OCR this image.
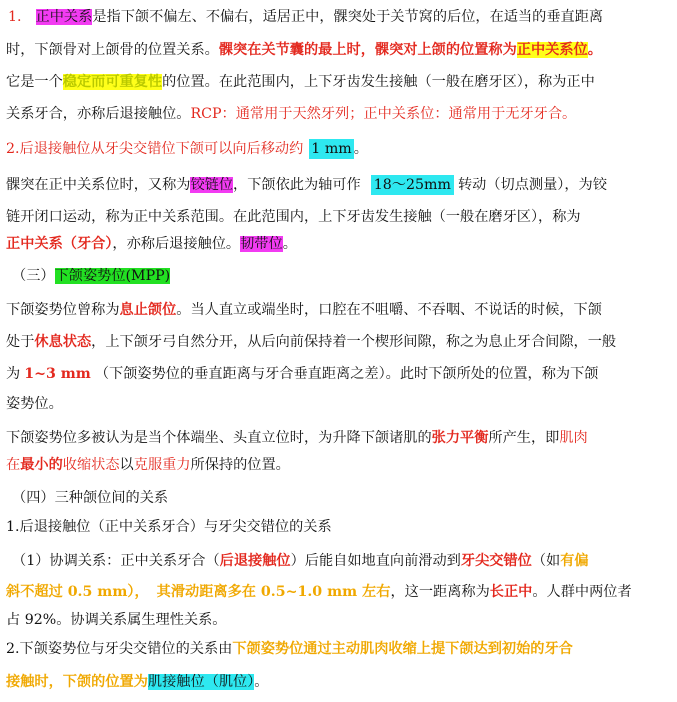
1. 正中关系是指下颌不偏左、不偏右，适居正中，髁突处于关节窝的后位，在适当的垂直距离
时，下颌骨对上颌骨的位置关系。髁突在关节囊的最上时，髁突对上颌的位置称为正中关系位。
它是一个稳定而可重复性的位置。在此范围内，上下牙齿发生接触（一般在磨牙区），称为正中
关系牙合，亦称后退接触位。RCP：通常用于天然牙列；正中关系位：通常用于无牙牙合。
2.后退接触位从牙尖交错位下颌可以向后移动约 1 mm 。
髁突在正中关系位时，又称为铰链位，下颌依此为轴可作 18～25mm 转动（切点测量），为铰
链开闭口运动，称为正中关系范围。在此范围内，上下牙齿发生接触（一般在磨牙区），称为
正中关系（牙合），亦称后退接触位。韧带位。
（三）下颌姿势位(MPP)
下颌姿势位曾称为息止颌位。当人直立或端坐时，口腔在不咀嚼、不吞咽、不说话的时候，下颌
处于休息状态，上下颌牙弓自然分开，从后向前保持着一个楔形间隙，称之为息止牙合间隙，一般
为 1~3 mm （下颌姿势位的垂直距离与牙合垂直距离之差）。此时下颌所处的位置，称为下颌
姿势位。
下颌姿势位多被认为是当个体端坐、头直立位时，为升降下颌诸肌的张力平衡所产生，即肌肉
在最小的收缩状态以克服重力所保持的位置。
（四）三种颌位间的关系
1.后退接触位（正中关系牙合）与牙尖交错位的关系
（1）协调关系：正中关系牙合（后退接触位）后能自如地直向前滑动到牙尖交错位（如有偏
斜不超过 0.5 mm）， 其滑动距离多在 0.5~1.0 mm 左右，这一距离称为长正中。人群中两位者
占 92%。协调关系属生理性关系。
2.下颌姿势位与牙尖交错位的关系由下颌姿势位通过主动肌肉收缩上提下颌达到初始的牙合
接触时，下颌的位置为肌接触位（肌位）。
